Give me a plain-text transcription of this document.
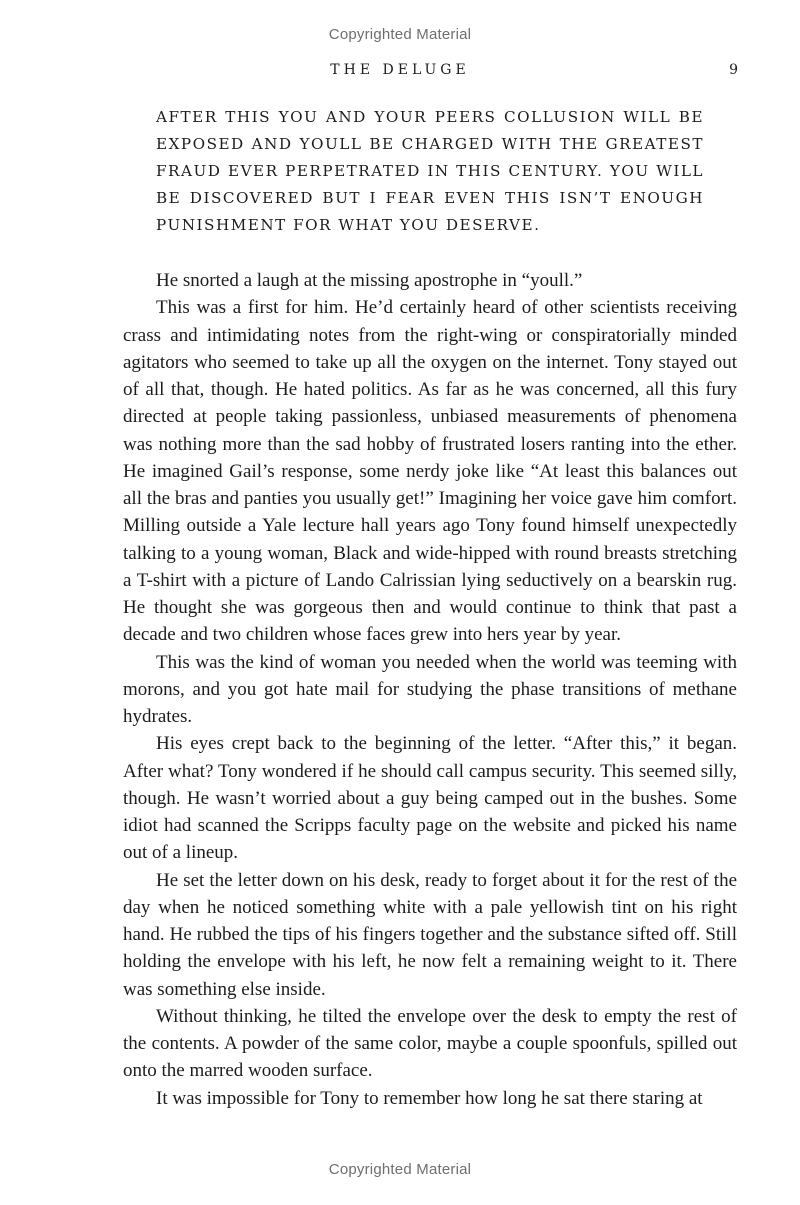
Copyrighted Material
THE DELUGE	9

AFTER THIS YOU AND YOUR PEERS COLLUSION WILL BE EXPOSED AND YOULL BE CHARGED WITH THE GREATEST FRAUD EVER PERPETRATED IN THIS CENTURY. YOU WILL BE DISCOVERED BUT I FEAR EVEN THIS ISN’T ENOUGH PUNISHMENT FOR WHAT YOU DESERVE.

He snorted a laugh at the missing apostrophe in “youll.”

This was a first for him. He’d certainly heard of other scientists receiving crass and intimidating notes from the right-wing or conspiratorially minded agitators who seemed to take up all the oxygen on the internet. Tony stayed out of all that, though. He hated politics. As far as he was concerned, all this fury directed at people taking passionless, unbiased measurements of phenomena was nothing more than the sad hobby of frustrated losers ranting into the ether. He imagined Gail’s response, some nerdy joke like “At least this balances out all the bras and panties you usually get!” Imagining her voice gave him comfort. Milling outside a Yale lecture hall years ago Tony found himself unexpectedly talking to a young woman, Black and wide-hipped with round breasts stretching a T-shirt with a picture of Lando Calrissian lying seductively on a bearskin rug. He thought she was gorgeous then and would continue to think that past a decade and two children whose faces grew into hers year by year.

This was the kind of woman you needed when the world was teeming with morons, and you got hate mail for studying the phase transitions of methane hydrates.

His eyes crept back to the beginning of the letter. “After this,” it began. After what? Tony wondered if he should call campus security. This seemed silly, though. He wasn’t worried about a guy being camped out in the bushes. Some idiot had scanned the Scripps faculty page on the website and picked his name out of a lineup.

He set the letter down on his desk, ready to forget about it for the rest of the day when he noticed something white with a pale yellowish tint on his right hand. He rubbed the tips of his fingers together and the substance sifted off. Still holding the envelope with his left, he now felt a remaining weight to it. There was something else inside.

Without thinking, he tilted the envelope over the desk to empty the rest of the contents. A powder of the same color, maybe a couple spoonfuls, spilled out onto the marred wooden surface.

It was impossible for Tony to remember how long he sat there staring at

Copyrighted Material
